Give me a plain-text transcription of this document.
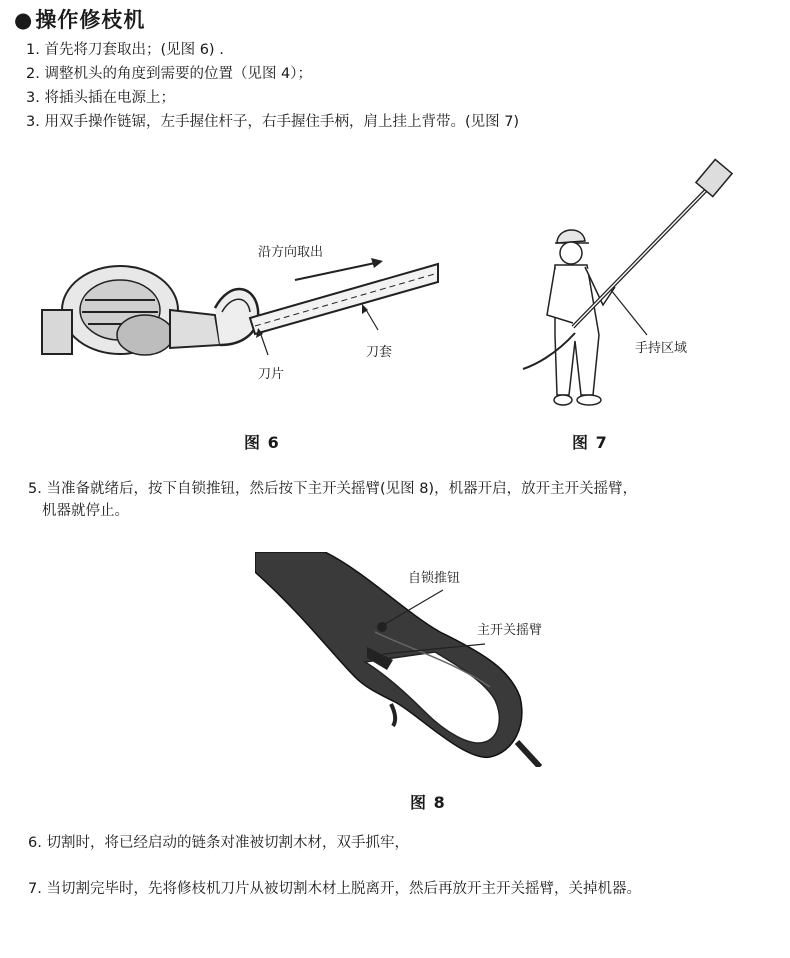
●操作修枝机
1. 首先将刀套取出；(见图 6) .
2. 调整机头的角度到需要的位置（见图 4）；
3. 将插头插在电源上；
3. 用双手操作链锯，左手握住杆子，右手握住手柄，肩上挂上背带。(见图 7)
沿方向取出
刀片
刀套
图 6
手持区域
图 7
5. 当准备就绪后，按下自锁推钮，然后按下主开关摇臂(见图 8)，机器开启，放开主开关摇臂，
机器就停止。
自锁推钮
主开关摇臂
图 8
6. 切割时，将已经启动的链条对准被切割木材，双手抓牢，
7. 当切割完毕时，先将修枝机刀片从被切割木材上脱离开，然后再放开主开关摇臂，关掉机器。
